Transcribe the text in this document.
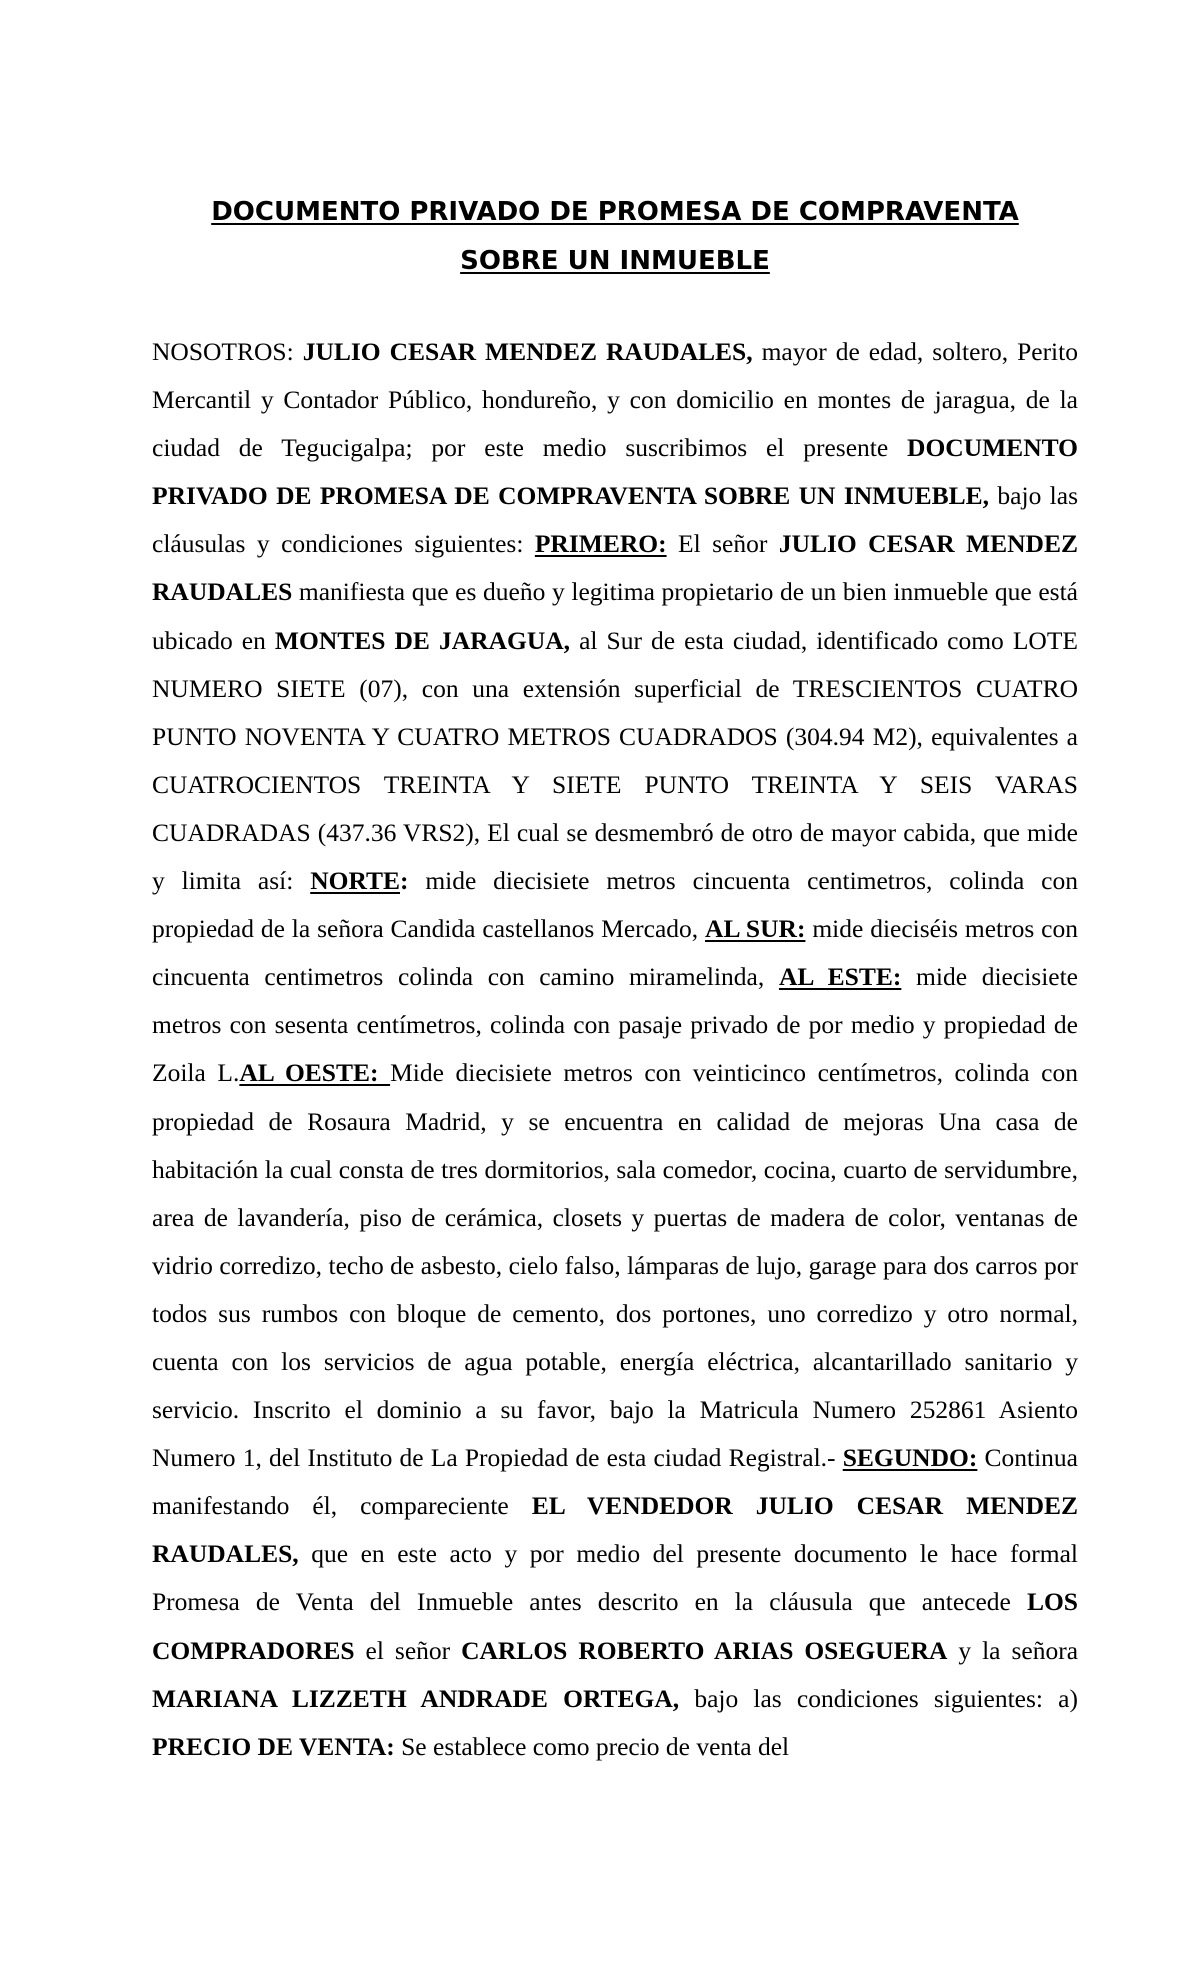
DOCUMENTO PRIVADO DE PROMESA DE COMPRAVENTA
SOBRE UN INMUEBLE

NOSOTROS: JULIO CESAR MENDEZ RAUDALES, mayor de edad, soltero, Perito Mercantil y Contador Público, hondureño, y con domicilio en montes de jaragua, de la ciudad de Tegucigalpa; por este medio suscribimos el presente DOCUMENTO PRIVADO DE PROMESA DE COMPRAVENTA SOBRE UN INMUEBLE, bajo las cláusulas y condiciones siguientes: PRIMERO: El señor JULIO CESAR MENDEZ RAUDALES manifiesta que es dueño y legitima propietario de un bien inmueble que está ubicado en MONTES DE JARAGUA, al Sur de esta ciudad, identificado como LOTE NUMERO SIETE (07), con una extensión superficial de TRESCIENTOS CUATRO PUNTO NOVENTA Y CUATRO METROS CUADRADOS (304.94 M2), equivalentes a CUATROCIENTOS TREINTA Y SIETE PUNTO TREINTA Y SEIS VARAS CUADRADAS (437.36 VRS2), El cual se desmembró de otro de mayor cabida, que mide y limita así: NORTE: mide diecisiete metros cincuenta centimetros, colinda con propiedad de la señora Candida castellanos Mercado, AL SUR: mide dieciséis metros con cincuenta centimetros colinda con camino miramelinda, AL ESTE: mide diecisiete metros con sesenta centímetros, colinda con pasaje privado de por medio y propiedad de Zoila L.AL OESTE: Mide diecisiete metros con veinticinco centímetros, colinda con propiedad de Rosaura Madrid, y se encuentra en calidad de mejoras Una casa de habitación la cual consta de tres dormitorios, sala comedor, cocina, cuarto de servidumbre, area de lavandería, piso de cerámica, closets y puertas de madera de color, ventanas de vidrio corredizo, techo de asbesto, cielo falso, lámparas de lujo, garage para dos carros por todos sus rumbos con bloque de cemento, dos portones, uno corredizo y otro normal, cuenta con los servicios de agua potable, energía eléctrica, alcantarillado sanitario y servicio. Inscrito el dominio a su favor, bajo la Matricula Numero 252861 Asiento Numero 1, del Instituto de La Propiedad de esta ciudad Registral.- SEGUNDO: Continua manifestando él, compareciente EL VENDEDOR JULIO CESAR MENDEZ RAUDALES, que en este acto y por medio del presente documento le hace formal Promesa de Venta del Inmueble antes descrito en la cláusula que antecede LOS COMPRADORES el señor CARLOS ROBERTO ARIAS OSEGUERA y la señora MARIANA LIZZETH ANDRADE ORTEGA, bajo las condiciones siguientes: a) PRECIO DE VENTA: Se establece como precio de venta del
